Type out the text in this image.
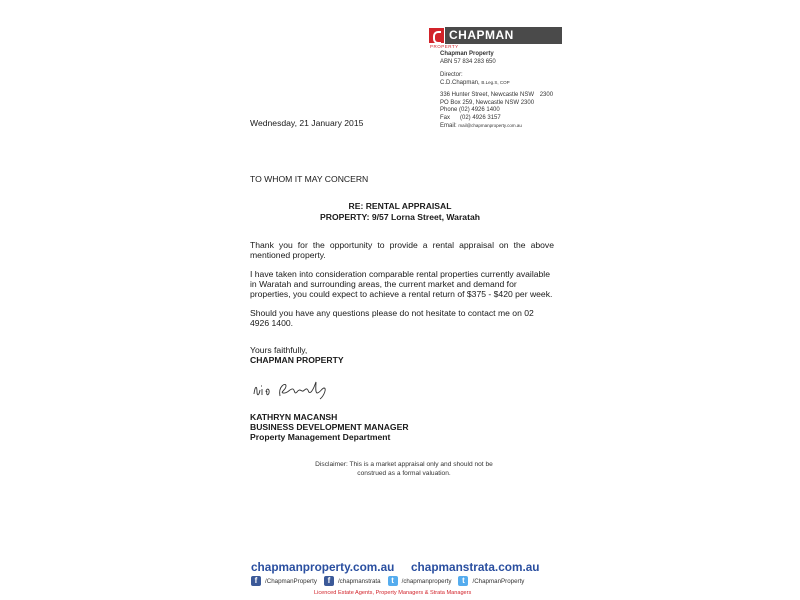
CHAPMAN
PROPERTY
Chapman Property
ABN 57 834 283 650
Director:
C.D.Chapman, B.Leg.S, COP
336 Hunter Street, Newcastle NSW 2300
PO Box 259, Newcastle NSW 2300
Phone (02) 4926 1400
Fax      (02) 4926 3157
Email: mail@chapmanproperty.com.au
Wednesday, 21 January 2015
TO WHOM IT MAY CONCERN
RE: RENTAL APPRAISAL
PROPERTY: 9/57 Lorna Street, Waratah
Thank you for the opportunity to provide a rental appraisal on the above mentioned property.
I have taken into consideration comparable rental properties currently available in Waratah and surrounding areas, the current market and demand for properties, you could expect to achieve a rental return of $375 - $420 per week.
Should you have any questions please do not hesitate to contact me on 02 4926 1400.
Yours faithfully,
CHAPMAN PROPERTY
KATHRYN MACANSH
BUSINESS DEVELOPMENT MANAGER
Property Management Department
Disclaimer: This is a market appraisal only and should not be
construed as a formal valuation.
chapmanproperty.com.au chapmanstrata.com.au
f	/ChapmanProperty	f	/chapmanstrata	t	/chapmanproperty	t	/ChapmanProperty
Licenced Estate Agents, Property Managers & Strata Managers
